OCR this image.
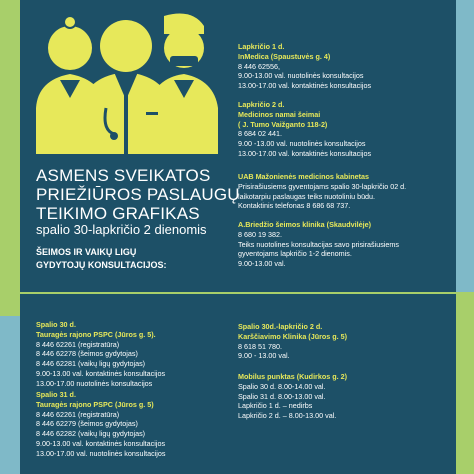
ASMENS SVEIKATOS
PRIEŽIŪROS PASLAUGŲ
TEIKIMO GRAFIKAS
spalio 30-lapkričio 2 dienomis
ŠEIMOS IR VAIKŲ LIGŲ
GYDYTOJŲ KONSULTACIJOS:
Spalio 30 d.
Tauragės rajono PSPC (Jūros g. 5).
8 446 62261 (registratūra)
8 446 62278 (šeimos gydytojas)
8 446 62281 (vaikų ligų gydytojas)
9.00-13.00 val. kontaktinės konsultacijos
13.00-17.00 nuotolinės konsultacijos
Spalio 31 d.
Tauragės rajono PSPC (Jūros g. 5)
8 446 62261 (registratūra)
8 446 62279 (šeimos gydytojas)
8 446 62282 (vaikų ligų gydytojas)
9.00-13.00 val. kontaktinės konsultacijos
13.00-17.00 val. nuotolinės konsultacijos
Lapkričio 1 d.
InMedica (Spaustuvės g. 4)
8 446 62556,
9.00-13.00 val. nuotolinės konsultacijos
13.00-17.00 val. kontaktinės konsultacijos
Lapkričio 2 d.
Medicinos namai šeimai
( J. Tumo Vaižganto 118-2)
8 684 02 441.
9.00 -13.00 val. nuotolinės konsultacijos
13.00-17.00 val. kontaktinės konsultacijos
UAB Mažonienės medicinos kabinetas
Prisirašiusiems gyventojams spalio 30-lapkričio 02 d.
laikotarpiu paslaugas teiks nuotoliniu būdu.
Kontaktinis telefonas 8 686 68 737.
A.Briedžio šeimos klinika (Skaudvilėje)
8 680 19 382.
Teiks nuotolines konsultacijas savo prisirašiusiems
gyventojams lapkričio 1-2 dienomis.
9.00-13.00 val.
Spalio 30d.-lapkričio 2 d.
Karščiavimo Klinika (Jūros g. 5)
8 618 51 780.
9.00 - 13.00 val.
Mobilus punktas (Kudirkos g. 2)
Spalio 30 d. 8.00-14.00 val.
Spalio 31 d. 8.00-13.00 val.
Lapkričio 1 d. – nedirbs
Lapkričio 2 d. – 8.00-13.00 val.
